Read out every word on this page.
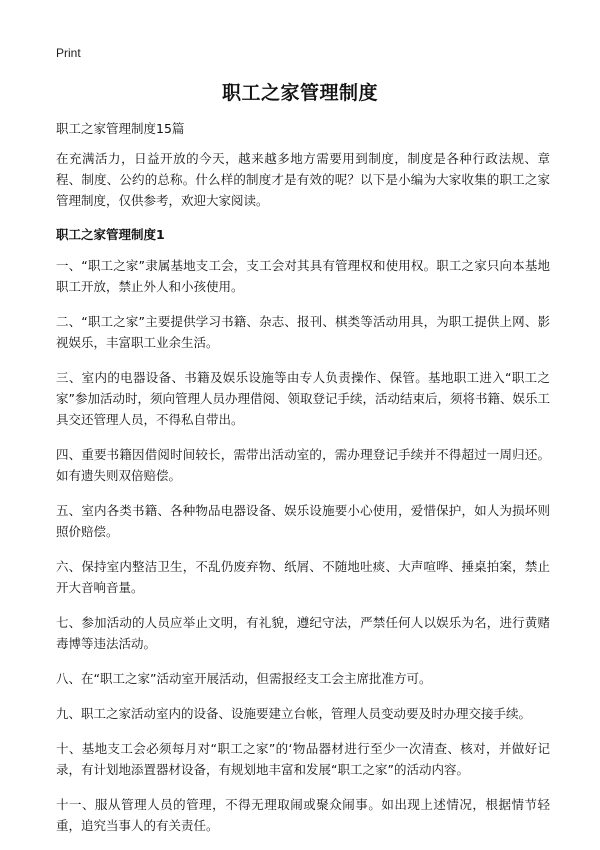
Print
职工之家管理制度
职工之家管理制度15篇

在充满活力，日益开放的今天，越来越多地方需要用到制度，制度是各种行政法规、章程、制度、公约的总称。什么样的制度才是有效的呢？以下是小编为大家收集的职工之家管理制度，仅供参考，欢迎大家阅读。

职工之家管理制度1

一、“职工之家”隶属基地支工会，支工会对其具有管理权和使用权。职工之家只向本基地职工开放，禁止外人和小孩使用。

二、“职工之家”主要提供学习书籍、杂志、报刊、棋类等活动用具，为职工提供上网、影视娱乐，丰富职工业余生活。

三、室内的电器设备、书籍及娱乐设施等由专人负责操作、保管。基地职工进入“职工之家”参加活动时，须向管理人员办理借阅、领取登记手续，活动结束后，须将书籍、娱乐工具交还管理人员，不得私自带出。

四、重要书籍因借阅时间较长，需带出活动室的，需办理登记手续并不得超过一周归还。如有遗失则双倍赔偿。

五、室内各类书籍、各种物品电器设备、娱乐设施要小心使用，爱惜保护，如人为损坏则照价赔偿。

六、保持室内整洁卫生，不乱仍废弃物、纸屑、不随地吐痰、大声喧哗、捶桌拍案，禁止开大音响音量。

七、参加活动的人员应举止文明，有礼貌，遵纪守法，严禁任何人以娱乐为名，进行黄赌毒博等违法活动。

八、在“职工之家”活动室开展活动，但需报经支工会主席批准方可。

九、职工之家活动室内的设备、设施要建立台帐，管理人员变动要及时办理交接手续。

十、基地支工会必须每月对“职工之家”的‘物品器材进行至少一次清查、核对，并做好记录，有计划地添置器材设备，有规划地丰富和发展“职工之家”的活动内容。

十一、服从管理人员的管理，不得无理取闹或聚众闹事。如出现上述情况，根据情节轻重，追究当事人的有关责任。
